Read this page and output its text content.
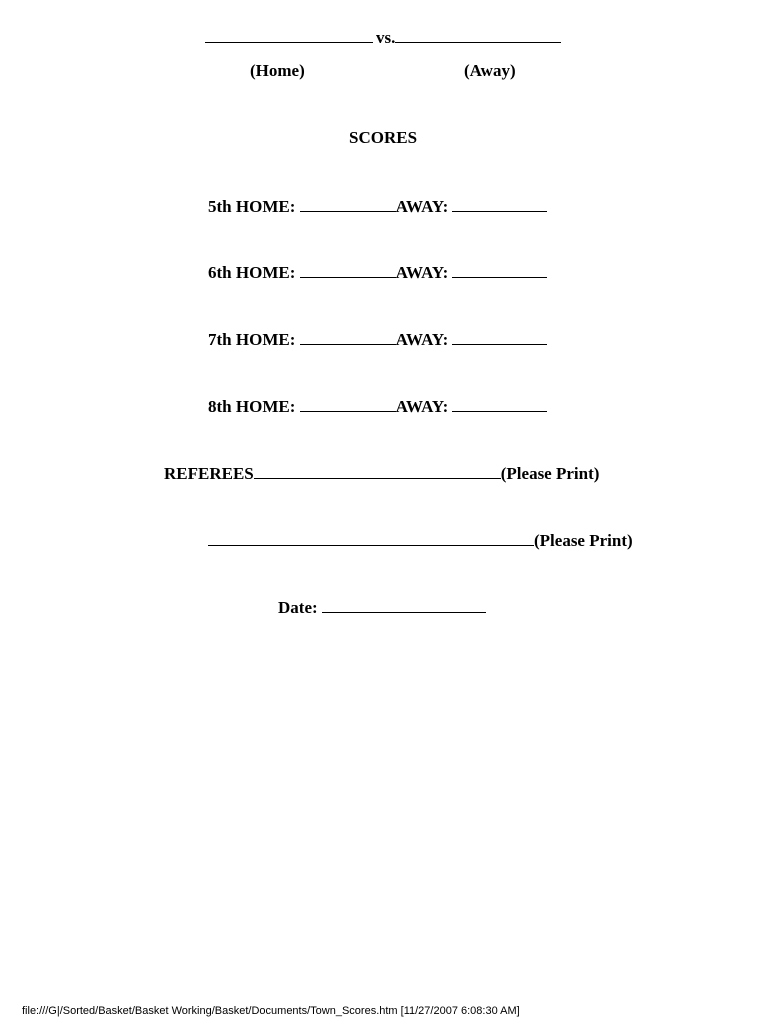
vs.
(Home)	(Away)
SCORES
5th HOME:	AWAY:
6th HOME:	AWAY:
7th HOME:	AWAY:
8th HOME:	AWAY:
REFEREES	(Please Print)
(Please Print)
Date:
file:///G|/Sorted/Basket/Basket Working/Basket/Documents/Town_Scores.htm [11/27/2007 6:08:30 AM]
